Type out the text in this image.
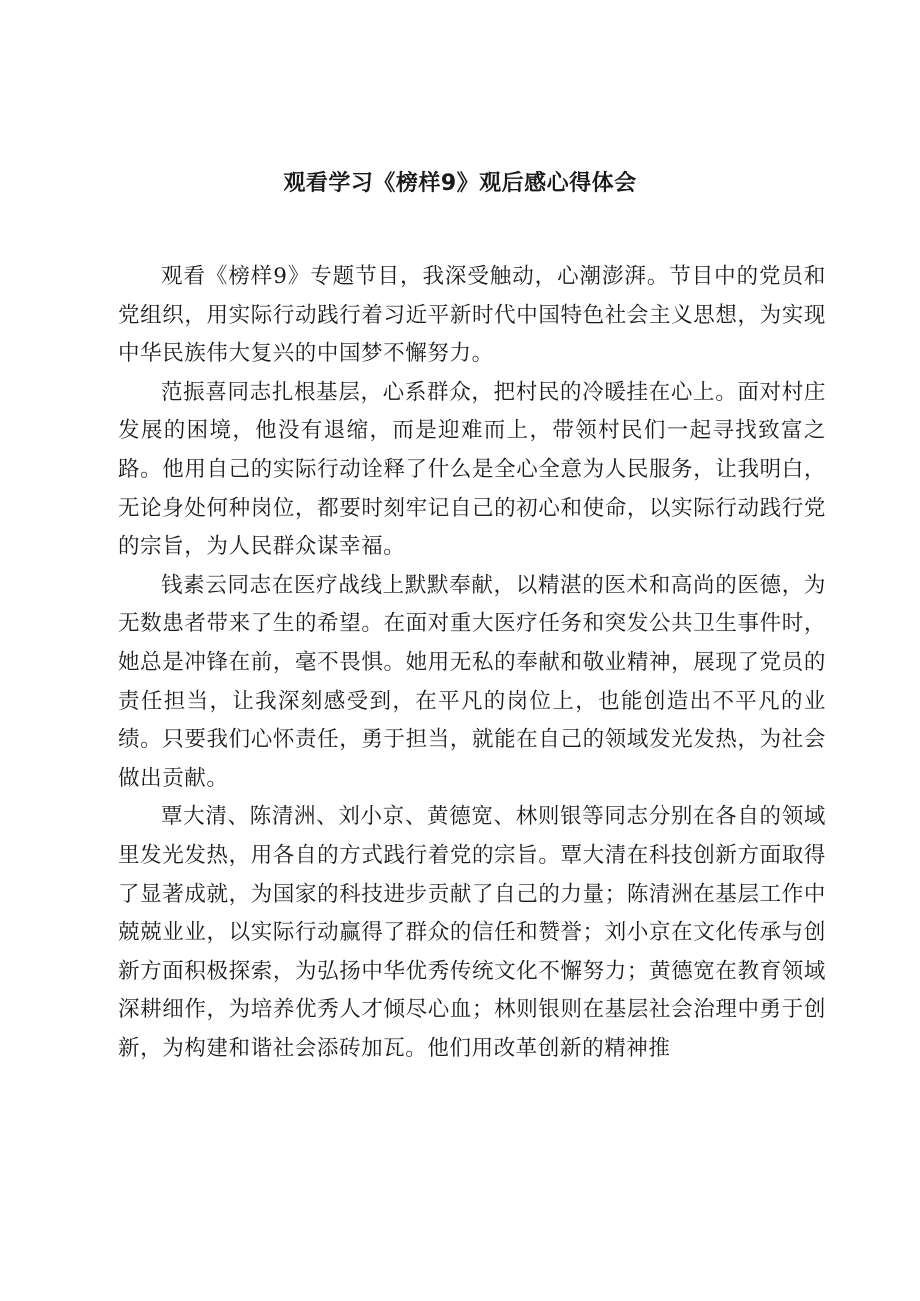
观看学习《榜样9》观后感心得体会

观看《榜样9》专题节目，我深受触动，心潮澎湃。节目中的党员和党组织，用实际行动践行着习近平新时代中国特色社会主义思想，为实现中华民族伟大复兴的中国梦不懈努力。

范振喜同志扎根基层，心系群众，把村民的冷暖挂在心上。面对村庄发展的困境，他没有退缩，而是迎难而上，带领村民们一起寻找致富之路。他用自己的实际行动诠释了什么是全心全意为人民服务，让我明白，无论身处何种岗位，都要时刻牢记自己的初心和使命，以实际行动践行党的宗旨，为人民群众谋幸福。

钱素云同志在医疗战线上默默奉献，以精湛的医术和高尚的医德，为无数患者带来了生的希望。在面对重大医疗任务和突发公共卫生事件时，她总是冲锋在前，毫不畏惧。她用无私的奉献和敬业精神，展现了党员的责任担当，让我深刻感受到，在平凡的岗位上，也能创造出不平凡的业绩。只要我们心怀责任，勇于担当，就能在自己的领域发光发热，为社会做出贡献。

覃大清、陈清洲、刘小京、黄德宽、林则银等同志分别在各自的领域里发光发热，用各自的方式践行着党的宗旨。覃大清在科技创新方面取得了显著成就，为国家的科技进步贡献了自己的力量；陈清洲在基层工作中兢兢业业，以实际行动赢得了群众的信任和赞誉；刘小京在文化传承与创新方面积极探索，为弘扬中华优秀传统文化不懈努力；黄德宽在教育领域深耕细作，为培养优秀人才倾尽心血；林则银则在基层社会治理中勇于创新，为构建和谐社会添砖加瓦。他们用改革创新的精神推
